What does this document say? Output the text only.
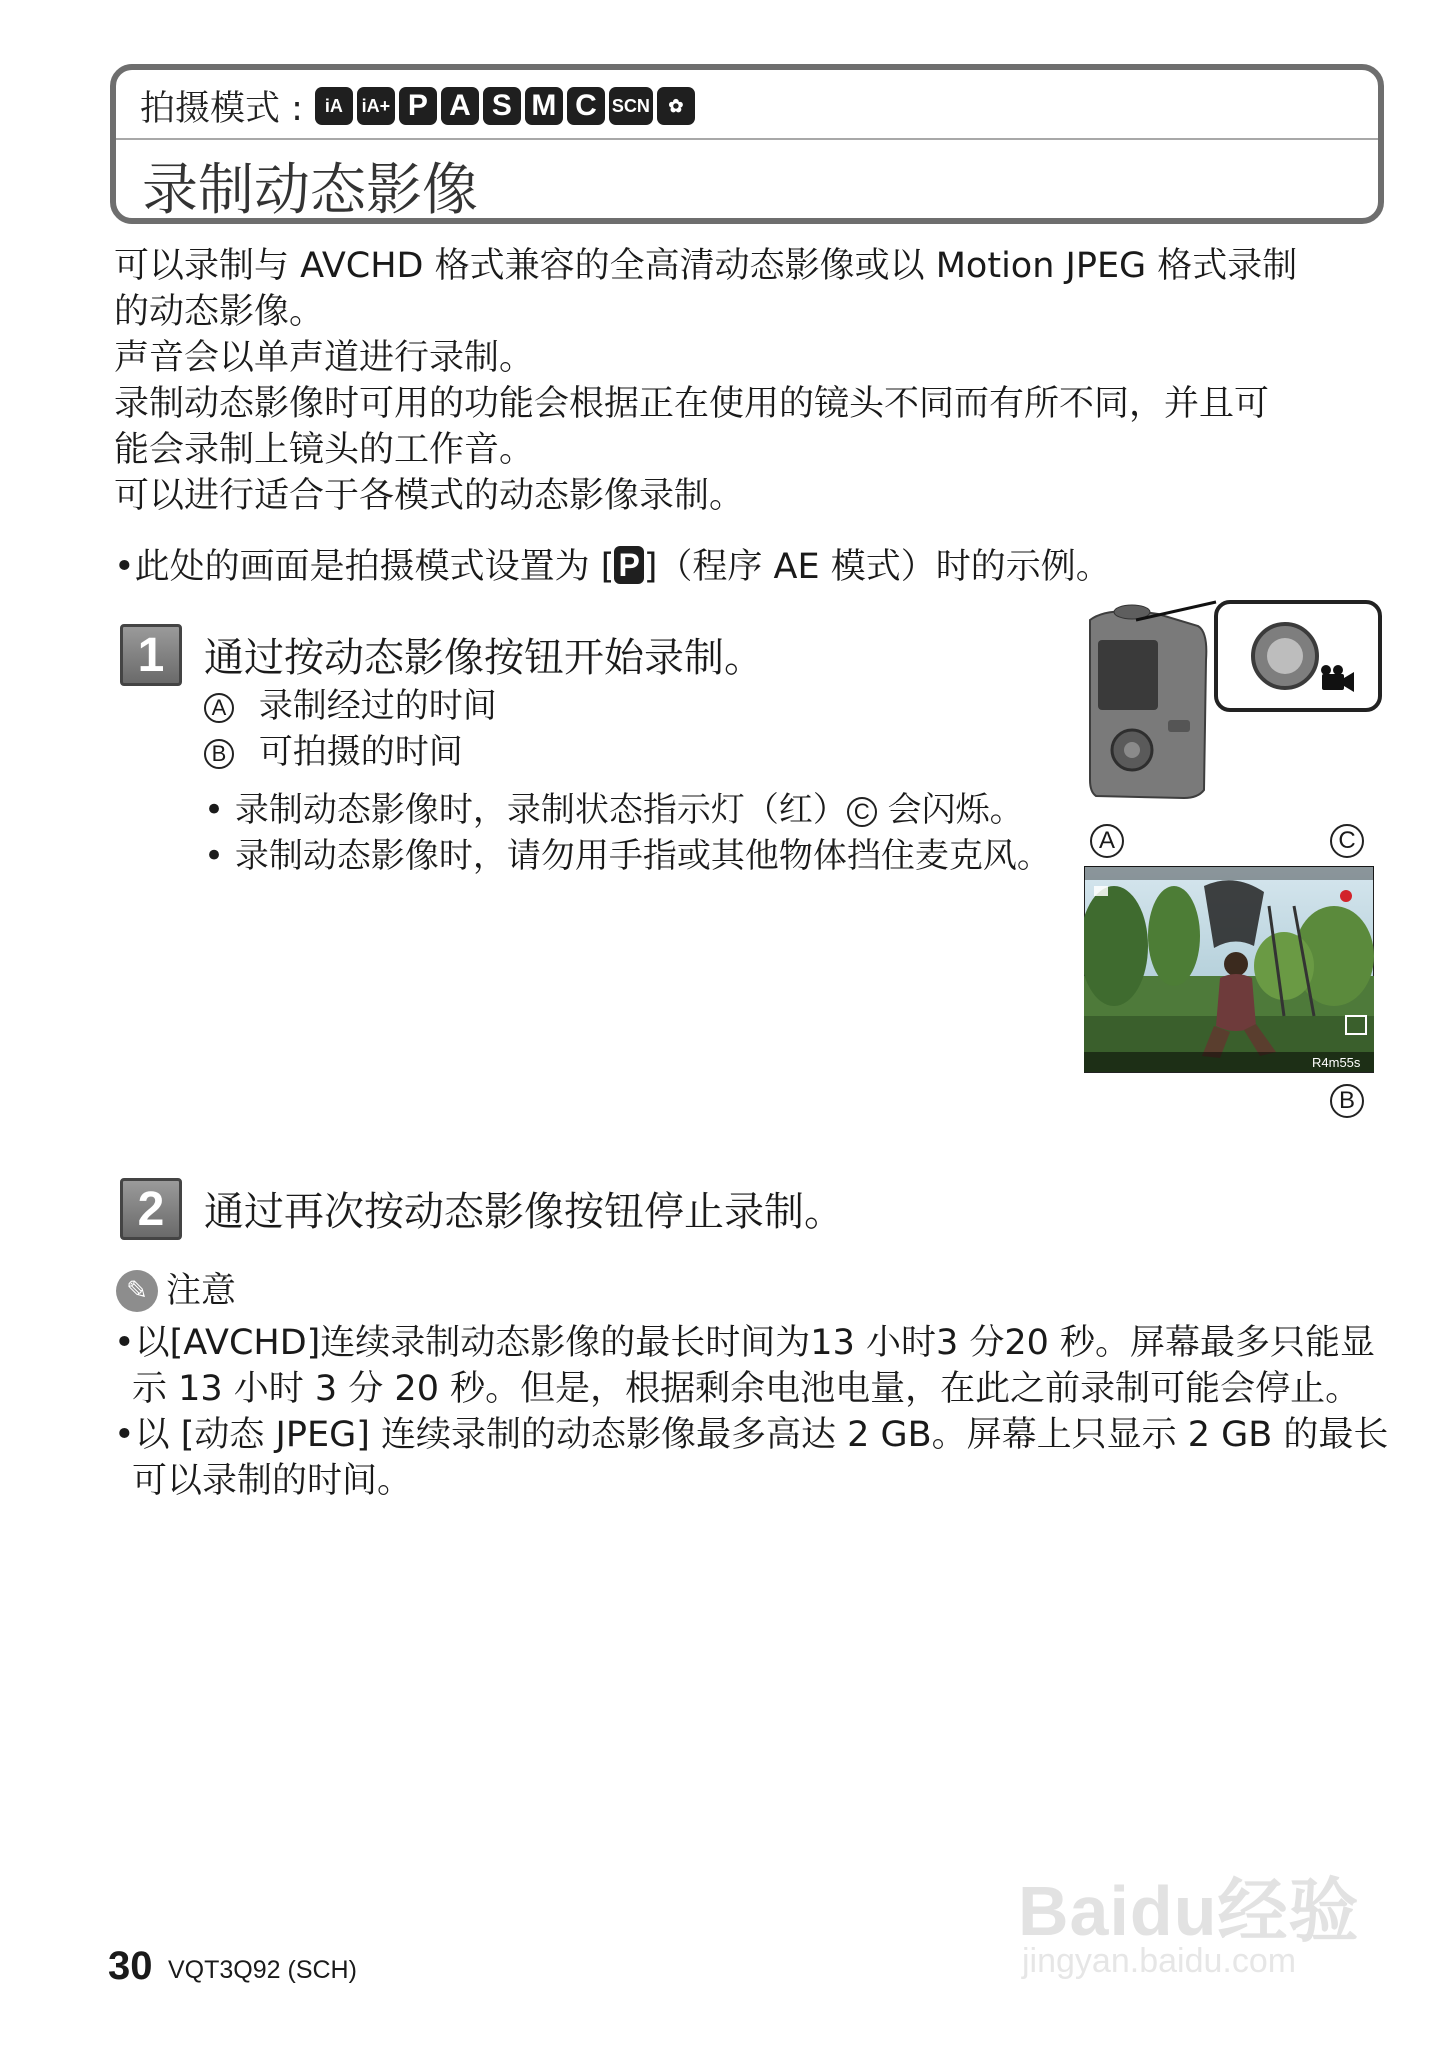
拍摄模式 :	iA	iA+ P A S M C SCN	✿
录制动态影像
可以录制与 AVCHD 格式兼容的全高清动态影像或以 Motion JPEG 格式录制
的动态影像。
声音会以单声道进行录制。
录制动态影像时可用的功能会根据正在使用的镜头不同而有所不同，并且可
能会录制上镜头的工作音。
可以进行适合于各模式的动态影像录制。
•此处的画面是拍摄模式设置为 [ P ]（程序 AE 模式）时的示例。
1 通过按动态影像按钮开始录制。
A 录制经过的时间
B 可拍摄的时间
• 录制动态影像时，录制状态指示灯（红） C 会闪烁。
• 录制动态影像时，请勿用手指或其他物体挡住麦克风。	A	C
B
R4m55s
2 通过再次按动态影像按钮停止录制。
✎ 注意
•以[AVCHD]连续录制动态影像的最长时间为13 小时3 分20 秒。屏幕最多只能显
示 13 小时 3 分 20 秒。但是，根据剩余电池电量，在此之前录制可能会停止。
•以 [动态 JPEG] 连续录制的动态影像最多高达 2 GB。屏幕上只显示 2 GB 的最长
可以录制的时间。
Baidu经验
jingyan.baidu.com
30 VQT3Q92 (SCH)
